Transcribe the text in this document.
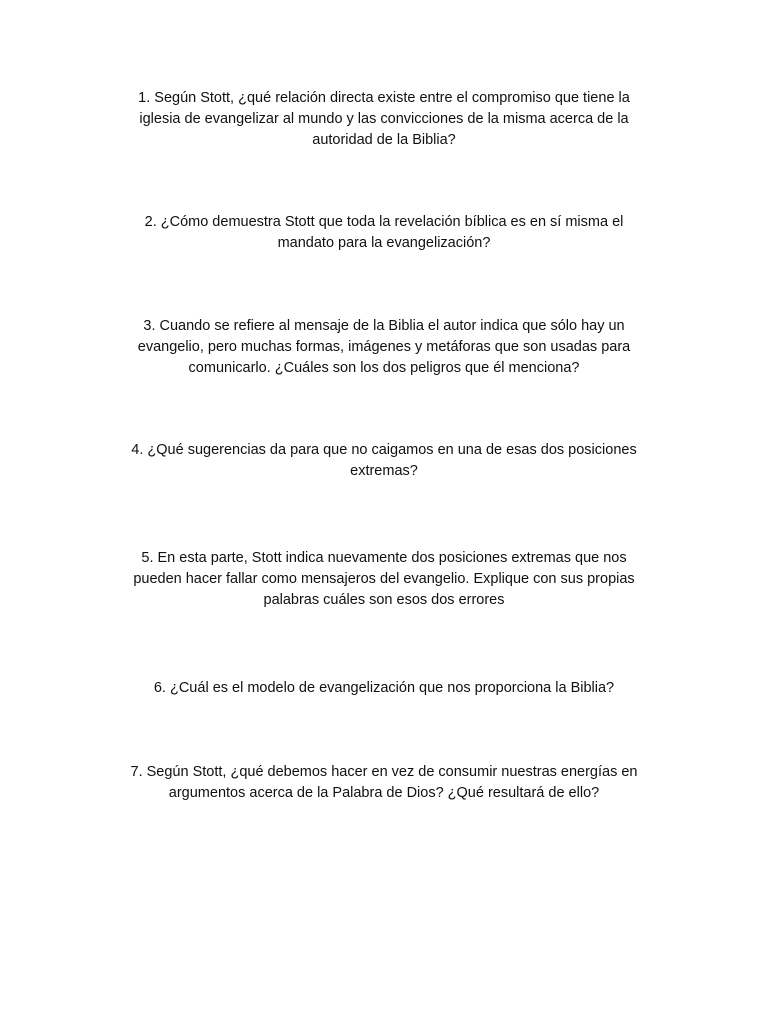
1. Según Stott, ¿qué relación directa existe entre el compromiso que tiene la
iglesia de evangelizar al mundo y las convicciones de la misma acerca de la
autoridad de la Biblia?
2. ¿Cómo demuestra Stott que toda la revelación bíblica es en sí misma el
mandato para la evangelización?
3. Cuando se refiere al mensaje de la Biblia el autor indica que sólo hay un
evangelio, pero muchas formas, imágenes y metáforas que son usadas para
comunicarlo. ¿Cuáles son los dos peligros que él menciona?
4. ¿Qué sugerencias da para que no caigamos en una de esas dos posiciones
extremas?
5. En esta parte, Stott indica nuevamente dos posiciones extremas que nos
pueden hacer fallar como mensajeros del evangelio. Explique con sus propias
palabras cuáles son esos dos errores
6. ¿Cuál es el modelo de evangelización que nos proporciona la Biblia?
7. Según Stott, ¿qué debemos hacer en vez de consumir nuestras energías en
argumentos acerca de la Palabra de Dios? ¿Qué resultará de ello?
